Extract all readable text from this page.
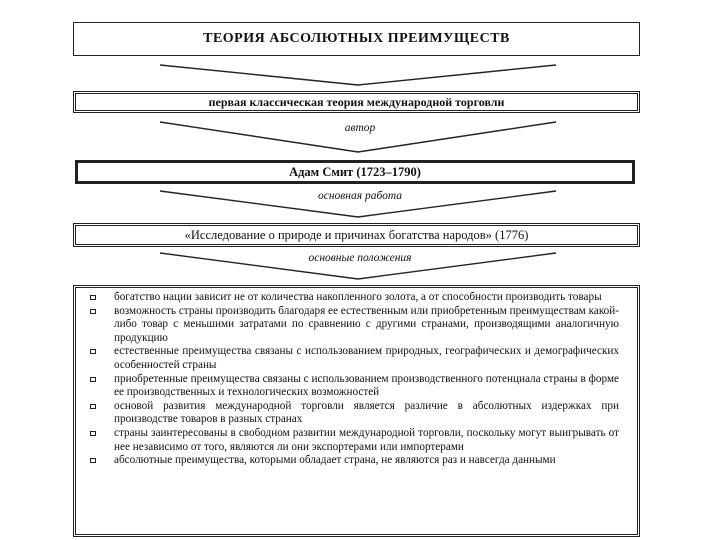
ТЕОРИЯ АБСОЛЮТНЫХ ПРЕИМУЩЕСТВ
первая классическая теория международной торговли
автор
Адам Смит (1723–1790)
основная работа
«Исследование о природе и причинах богатства народов» (1776)
основные положения
богатство нации зависит не от количества накопленного золота, а от способности производить товары
возможность страны производить благодаря ее естественным или приобретенным преимуществам какой-либо товар с меньшими затратами по сравнению с другими странами, производящими аналогичную продукцию
естественные преимущества связаны с использованием природных, географических и демографических особенностей страны
приобретенные преимущества связаны с использованием производственного потенциала страны в форме ее производственных и технологических возможностей
основой развития международной торговли является различие в абсолютных издержках при производстве товаров в разных странах
страны заинтересованы в свободном развитии международной торговли, поскольку могут выигрывать от нее независимо от того, являются ли они экспортерами или импортерами
абсолютные преимущества, которыми обладает страна, не являются раз и навсегда данными
